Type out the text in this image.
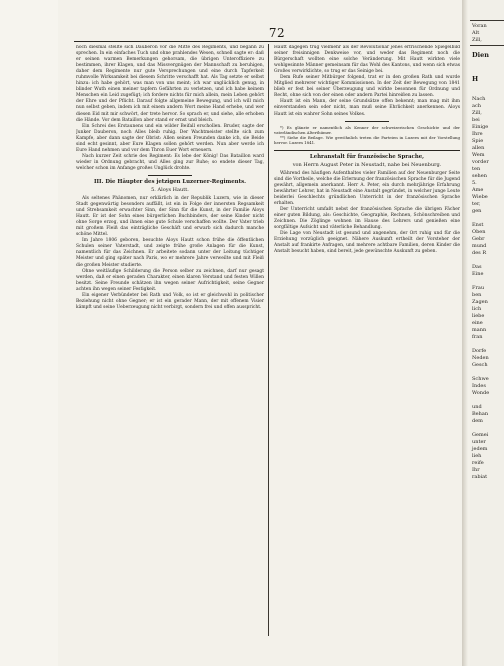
72

noch diesmal stellte sich Dauberon vor die Mitte des Regiments, und begann zu sprechen. In ein einfaches Tuch und ohne prahlendes Wesen, schnell sagte er: daß er seinen warmen Bemerkungen gehorsam, die übrigen Unteroffiziere zu bestimmen, ihrer Klagen, und das Missvergnügen der Mannschaft zu beruhigen, daher dem Regimente nur gute Versprechungen und eine durch Tapferkeit ruhmvolle Wirksamkeit bei diesem Schritte verschafft hat. Als Tag setzte er selbst hinzu: ich habe gehört, was man von uns meint; ich war unglücklich genug, in blinder Wuth einen meiner tapfern Gefährten zu verletzen, und ich habe keinem Menschen ein Leid zugefügt; ich fordere nichts für mich allein, mein Leben gehört der Ehre und der Pflicht. Darauf folgte allgemeine Bewegung, und ich will mich nun selbst geben, indem ich mit einem andern Wort meine Hand erhebe, und wer diesen Eid mit mir schwört, der trete hervor. So sprach er, und siehe, alle erhoben die Hände. Vor dem Bataillon aber stand er ernst und bleich.

Ein Schrei des Erstaunens und ein wilder Beifall erschollen. Bruder, sagte der Junker Dauberon, noch Alles bleib ruhig. Der Wachtmeister stellte sich zum Kampfe, aber dann sagte der Obrist: Allen seinen Freunden danke ich, sie Beide sind echt gesinnt, aber Eure Klagen sollen gehört werden. Nun aber werde ich Eure Hand nehmen und vor dem Thron Euer Wort erneuern.

Nach kurzer Zeit schrie des Regiment: Es lebe der König! Das Bataillon ward wieder in Ordnung gebracht, und Alles ging zur Ruhe; so endete dieser Tag, welcher schon im Anfange großes Unglück drohte.

III. Die Häupter des jetzigen Luzerner-Regiments.
5. Aloys Hautt.

Als seltenes Phänomen, nur erklärlich in der Republik Luzern, wie in dieser Stadt gegenwärtig besonders auffällt, ist ein in Folge der innersten Regsamkeit und Strebsamkeit erwachter Sinn, der Sinn für die Kunst, in der Familie Aloys Hautt. Er ist der Sohn eines bürgerlichen Buchbinders, der seine Kinder nicht ohne Sorge erzog, und ihnen eine gute Schule verschaffen wollte. Der Vater trieb mit großem Fleiß das einträgliche Geschäft und erwarb sich dadurch manche schöne Mittel.

Im Jahre 1806 geboren, besuchte Aloys Hautt schon frühe die öffentlichen Schulen seiner Vaterstadt, und zeigte frühe große Anlagen für die Kunst, namentlich für das Zeichnen. Er arbeitete sodann unter der Leitung tüchtiger Meister und ging später nach Paris, wo er mehrere Jahre verweilte und mit Fleiß die großen Meister studierte.

Ohne weitläufige Schilderung die Person selber zu zeichnen, darf nur gesagt werden, daß er einen geraden Charakter, einen klaren Verstand und festen Willen besitzt. Seine Freunde schätzen ihn wegen seiner Aufrichtigkeit, seine Gegner achten ihn wegen seiner Festigkeit.

Ein eigener Verbündeter bei Rath und Volk, so ist er gleichwohl in politischer Beziehung nicht ohne Gegner; er ist ein gerader Mann, der mit offenem Visier kämpft und seine Ueberzeugung nicht verbirgt, sondern frei und offen ausspricht.

Hautt dagegen trug vielmehr als der Revolutionär jenes erfrischende Spiegelbild seiner freisinnigen Denkweise vor, und weder das Regiment noch die Bürgerschaft wollten eine solche Veränderung. Mit Hautt wirkten viele wohlgesinnte Männer gemeinsam für das Wohl des Kantons, und wenn sich etwas Großes verwirklichte, so trug er das Seinige bei.

Dem Rufe seiner Mitbürger folgend, trat er in den großen Rath und wurde Mitglied mehrerer wichtiger Kommissionen. In der Zeit der Bewegung von 1841 blieb er fest bei seiner Überzeugung und wirkte besonnen für Ordnung und Recht, ohne sich von der einen oder andern Partei hinreißen zu lassen.

Hautt ist ein Mann, der seine Grundsätze offen bekennt; man mag mit ihm einverstanden sein oder nicht, man muß seine Ehrlichkeit anerkennen. Aloys Hautt ist ein wahrer Sohn seines Volkes.

*) Es glänzte er namentlich als Kenner der schweizerischen Geschichte und der vaterländischen Alterthümer.

**) Siehe die Beilage. Wie gewöhnlich treten die Parteien in Luzern mit der Vorstellung hervor. Luzern 1841.

Lehranstalt für französische Sprache,
von Herrn August Peter in Neustadt, nahe bei Neuenburg.

Während des häufigen Aufenthaltes vieler Familien auf der Neuenburger Seite sind die Vortheile, welche die Erlernung der französischen Sprache für die Jugend gewährt, allgemein anerkannt. Herr A. Peter, ein durch mehrjährige Erfahrung bewährter Lehrer, hat in Neustadt eine Anstalt gegründet, in welcher junge Leute beiderlei Geschlechts gründlichen Unterricht in der französischen Sprache erhalten.

Der Unterricht umfaßt nebst der französischen Sprache die übrigen Fächer einer guten Bildung, als: Geschichte, Geographie, Rechnen, Schönschreiben und Zeichnen. Die Zöglinge wohnen im Hause des Lehrers und genießen eine sorgfältige Aufsicht und väterliche Behandlung.

Die Lage von Neustadt ist gesund und angenehm, der Ort ruhig und für die Erziehung vorzüglich geeignet. Nähere Auskunft ertheilt der Vorsteher der Anstalt auf frankirte Anfragen, und mehrere achtbare Familien, deren Kinder die Anstalt besucht haben, sind bereit, jede gewünschte Auskunft zu geben.

Voran
Alt
Zill,
Dien
H
Nach
ach
Zill,
bei
Einige
Ihre
Spie
allen
Wem
vorder
ten
sehen
5.
Ame
Wiebe
ter,
gen
Enst
Oben
Gebr
mund
des R
Das
Eine
Frau
ben
Zagen
lich
liebe
eine
mann
fran
Dorfe
Neden
Gesch
Schwe
Indes
Wonde
und
Behan
dem
Gemei
unter
jedem
lieh
reife
Ihr
rabiat
